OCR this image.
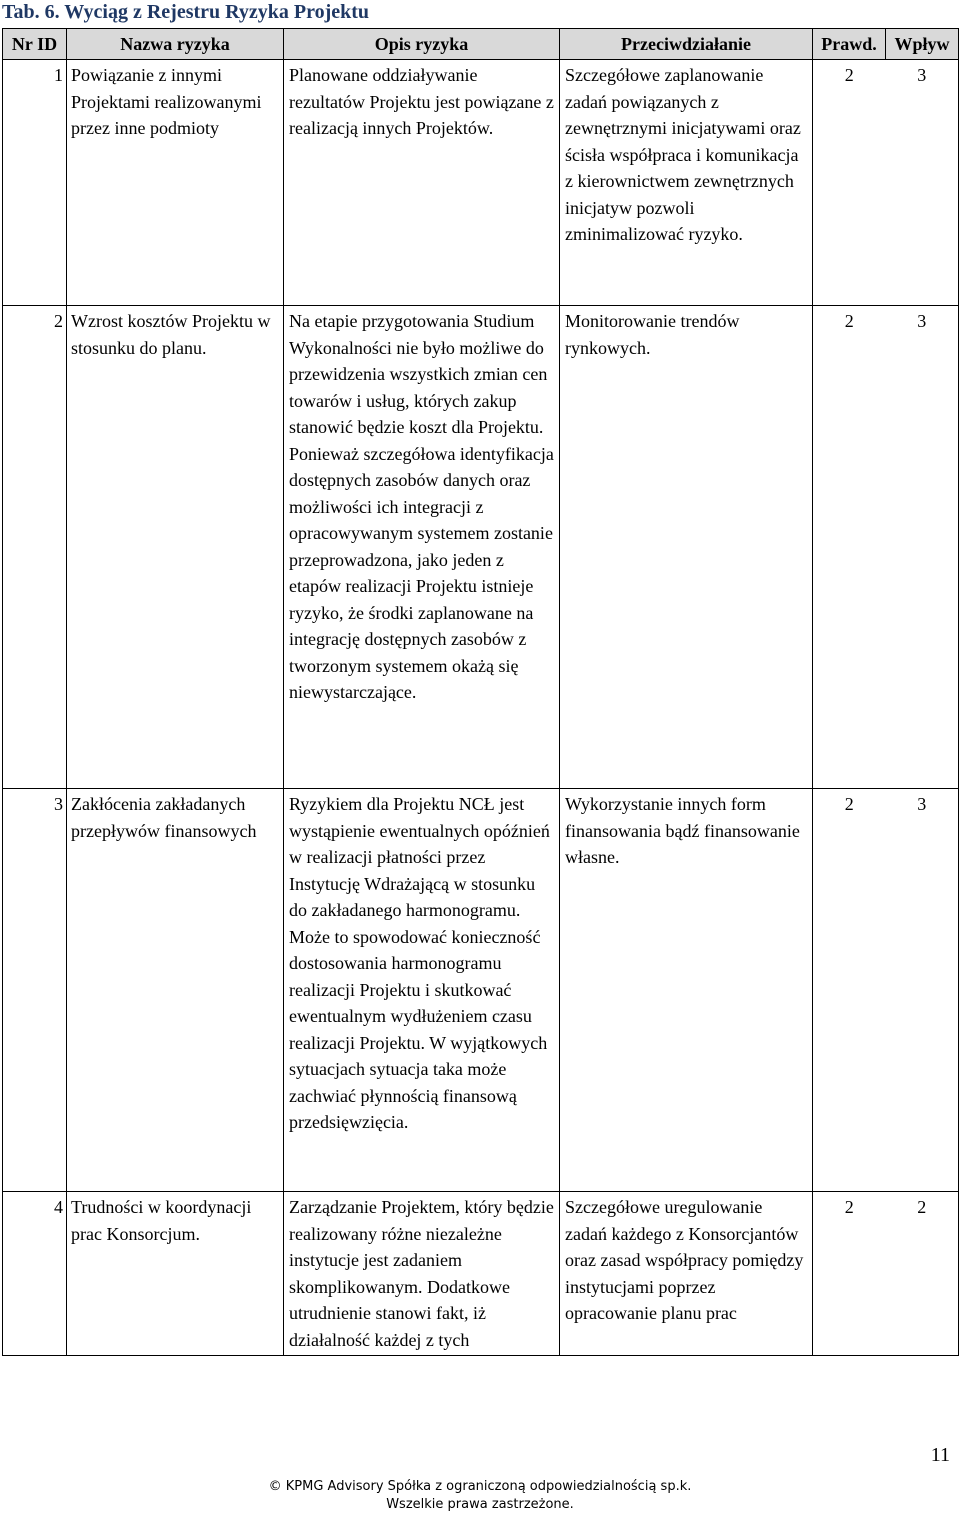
Tab. 6. Wyciąg z Rejestru Ryzyka Projektu
Nr ID	Nazwa ryzyka	Opis ryzyka	Przeciwdziałanie	Prawd.	Wpływ
1	Powiązanie z innymi Projektami realizowanymi przez inne podmioty	Planowane oddziaływanie rezultatów Projektu jest powiązane z realizacją innych Projektów.	Szczegółowe zaplanowanie zadań powiązanych z zewnętrznymi inicjatywami oraz ścisła współpraca i komunikacja z kierownictwem zewnętrznych inicjatyw pozwoli zminimalizować ryzyko.	2 3	

2	Wzrost kosztów Projektu w stosunku do planu.	Na etapie przygotowania Studium Wykonalności nie było możliwe do przewidzenia wszystkich zmian cen towarów i usług, których zakup stanowić będzie koszt dla Projektu. Ponieważ szczegółowa identyfikacja dostępnych zasobów danych oraz możliwości ich integracji z opracowywanym systemem zostanie przeprowadzona, jako jeden z etapów realizacji Projektu istnieje ryzyko, że środki zaplanowane na integrację dostępnych zasobów z tworzonym systemem okażą się niewystarczające.	Monitorowanie trendów rynkowych.	2 3	

3	Zakłócenia zakładanych przepływów finansowych	Ryzykiem dla Projektu NCŁ jest wystąpienie ewentualnych opóźnień w realizacji płatności przez Instytucję Wdrażającą w stosunku do zakładanego harmonogramu. Może to spowodować konieczność dostosowania harmonogramu realizacji Projektu i skutkować ewentualnym wydłużeniem czasu realizacji Projektu. W wyjątkowych sytuacjach sytuacja taka może zachwiać płynnością finansową przedsięwzięcia.	Wykorzystanie innych form finansowania bądź finansowanie własne.	2 3	

4	Trudności w koordynacji prac Konsorcjum.	Zarządzanie Projektem, który będzie realizowany różne niezależne instytucje jest zadaniem skomplikowanym. Dodatkowe utrudnienie stanowi fakt, iż działalność każdej z tych	Szczegółowe uregulowanie zadań każdego z Konsorcjantów oraz zasad współpracy pomiędzy instytucjami poprzez opracowanie planu prac	2 2	
11
© KPMG Advisory Spółka z ograniczoną odpowiedzialnością sp.k.
Wszelkie prawa zastrzeżone.
